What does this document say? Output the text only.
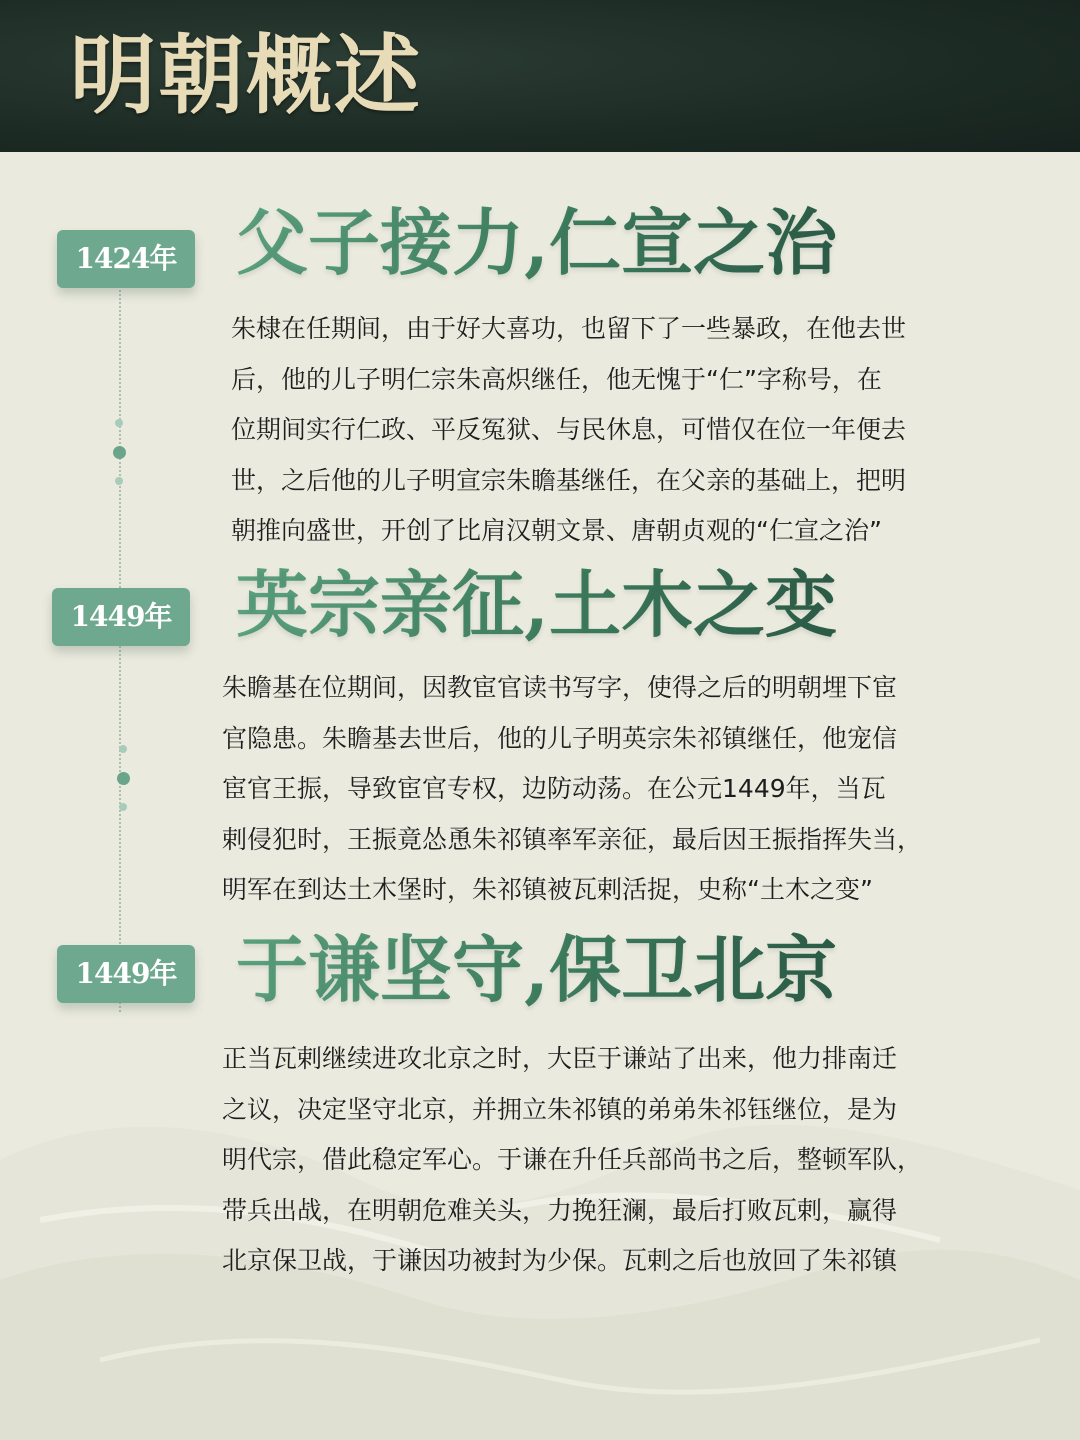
明朝概述
1424年 父子接力,仁宣之治

朱棣在任期间，由于好大喜功，也留下了一些暴政，在他去世

后，他的儿子明仁宗朱高炽继任，他无愧于“仁”字称号，在

位期间实行仁政、平反冤狱、与民休息，可惜仅在位一年便去

世，之后他的儿子明宣宗朱瞻基继任，在父亲的基础上，把明

朝推向盛世，开创了比肩汉朝文景、唐朝贞观的“仁宣之治”

1449年 英宗亲征,土木之变

朱瞻基在位期间，因教宦官读书写字，使得之后的明朝埋下宦

官隐患。朱瞻基去世后，他的儿子明英宗朱祁镇继任，他宠信

宦官王振，导致宦官专权，边防动荡。在公元1449年，当瓦

剌侵犯时，王振竟怂恿朱祁镇率军亲征，最后因王振指挥失当，

明军在到达土木堡时，朱祁镇被瓦剌活捉，史称“土木之变”

1449年 于谦坚守,保卫北京

正当瓦剌继续进攻北京之时，大臣于谦站了出来，他力排南迁

之议，决定坚守北京，并拥立朱祁镇的弟弟朱祁钰继位，是为

明代宗，借此稳定军心。于谦在升任兵部尚书之后，整顿军队，

带兵出战，在明朝危难关头，力挽狂澜，最后打败瓦剌，赢得

北京保卫战，于谦因功被封为少保。瓦剌之后也放回了朱祁镇
